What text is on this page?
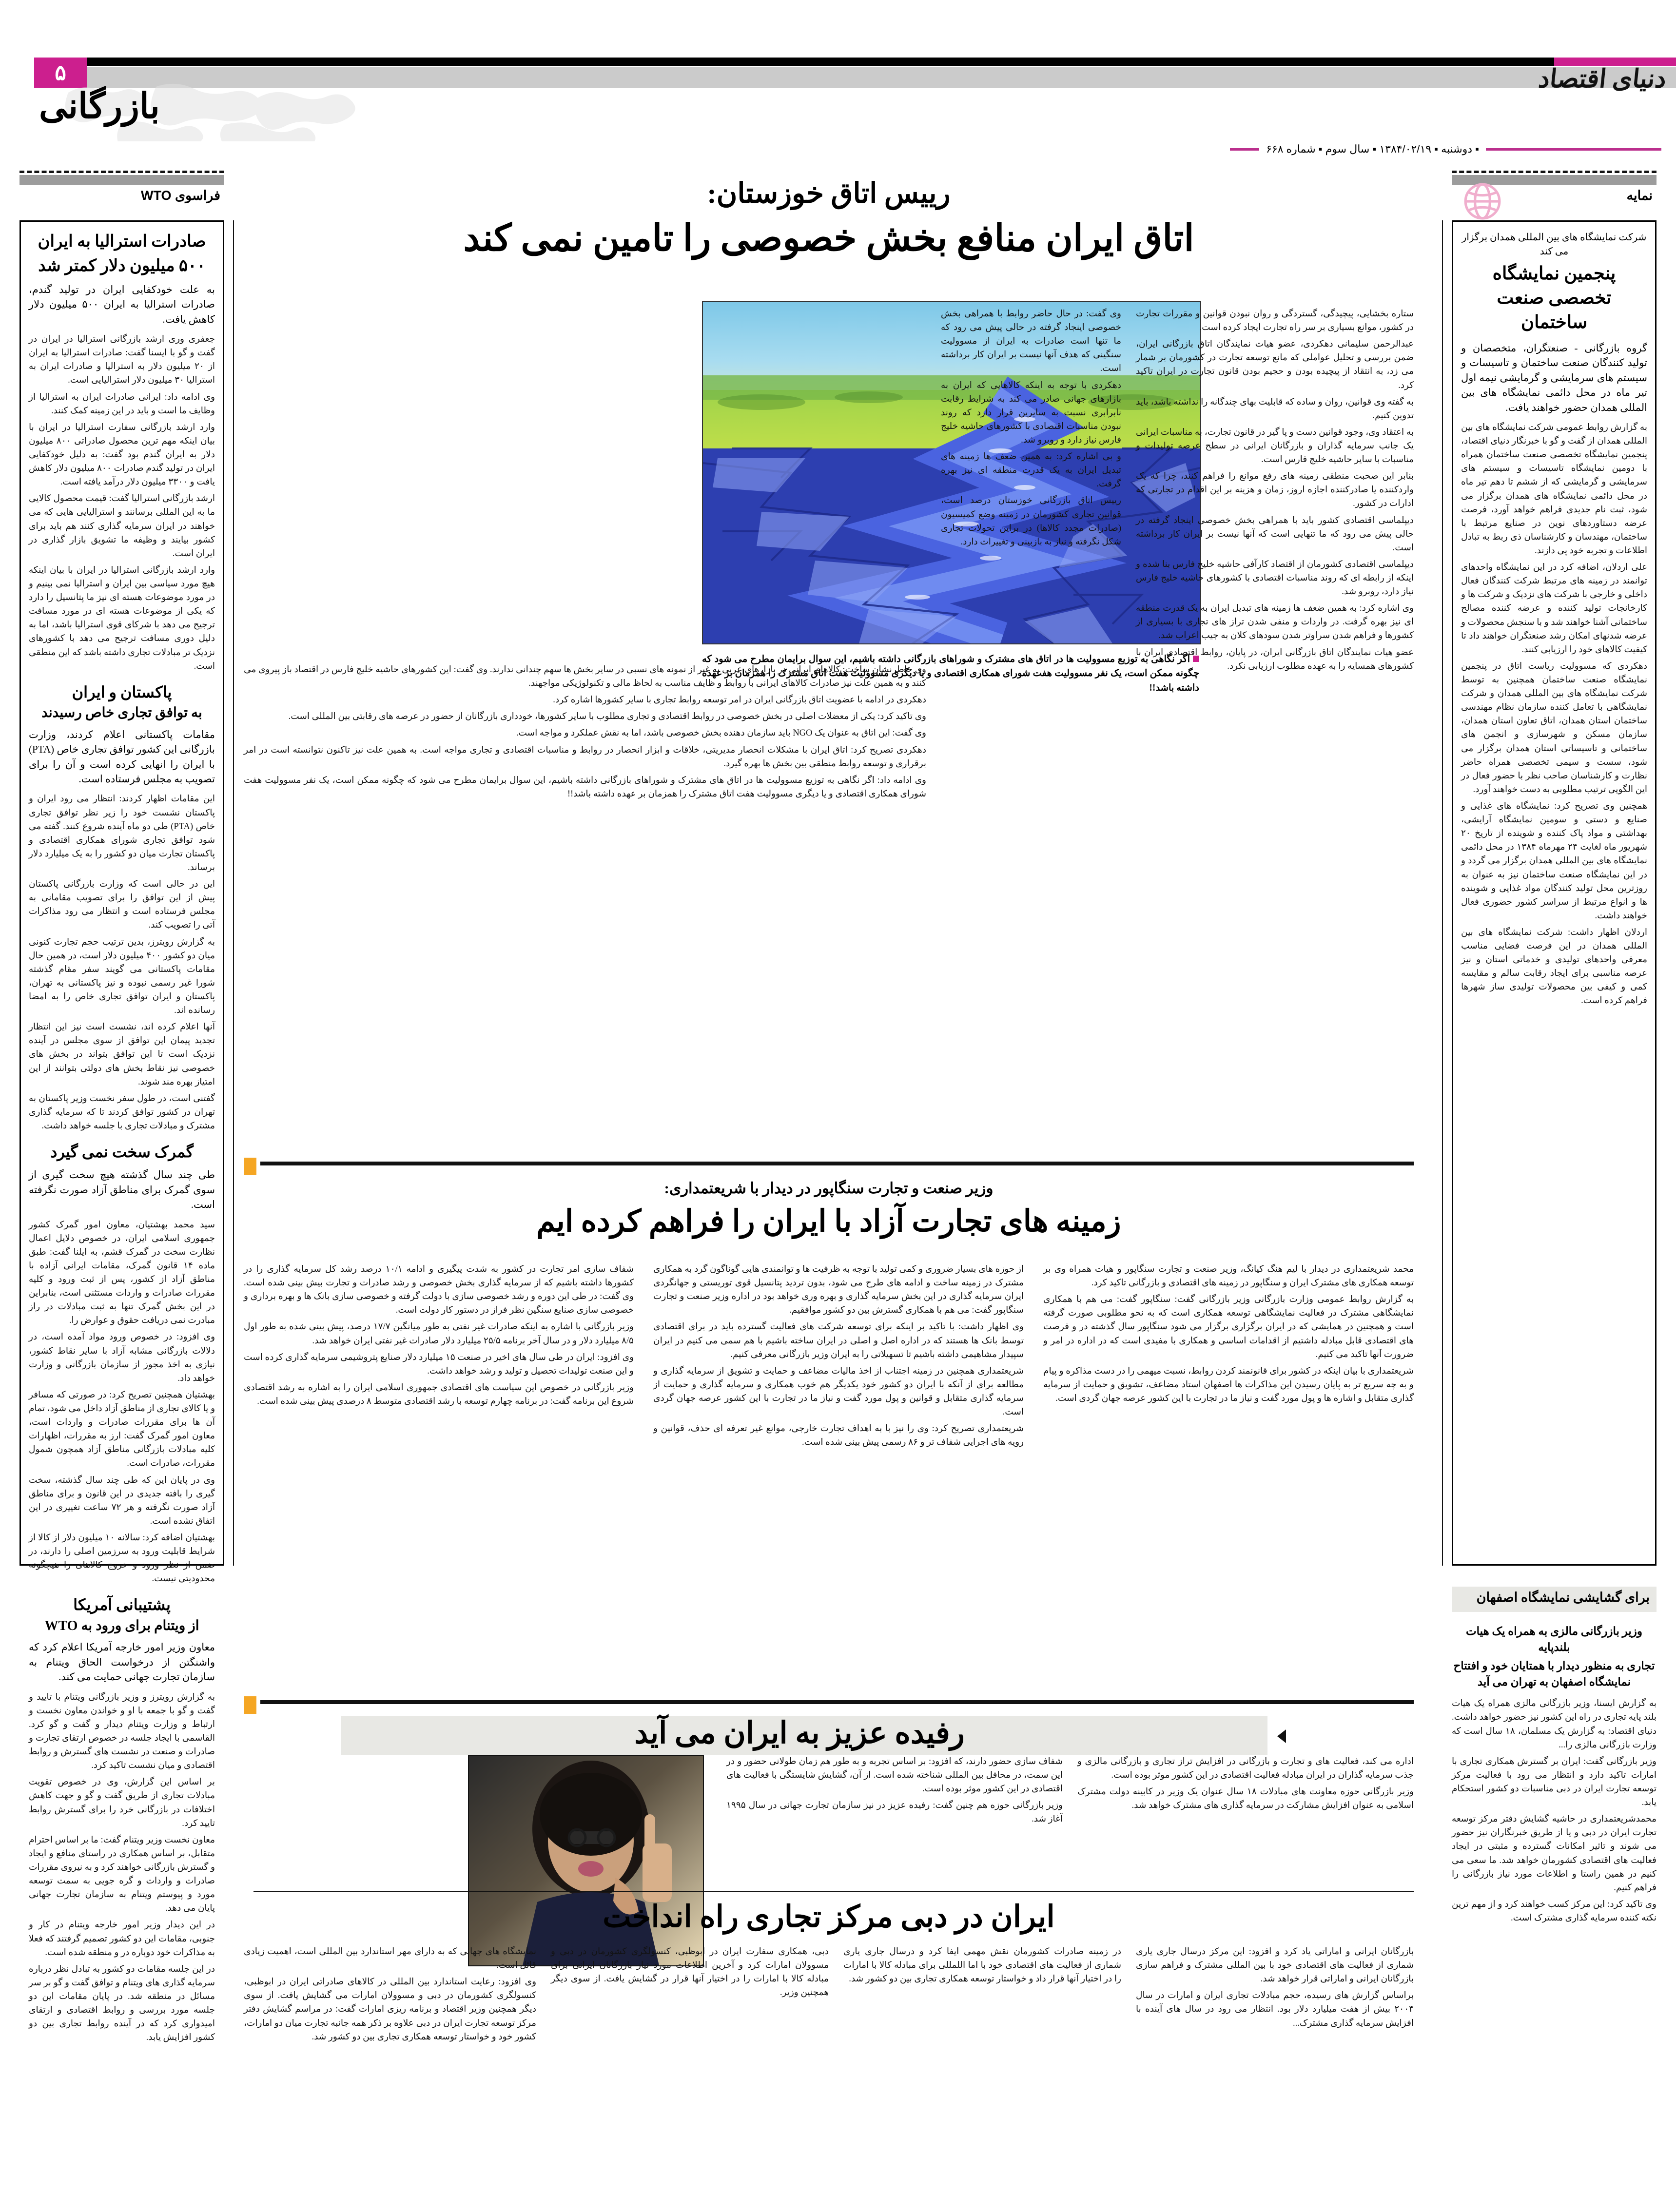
۵	دنیای اقتصاد
بازرگانی
▪ دوشنبه ▪ ۱۳۸۴/۰۲/۱۹ ▪ سال سوم ▪ شماره ۶۶۸
فراسوی WTO
صادرات استرالیا به ایران
۵۰۰ میلیون دلار کمتر شد
به علت خودکفایی ایران در تولید گندم، صادرات استرالیا به ایران ۵۰۰ میلیون دلار کاهش یافت.

جعفری وری ارشد بازرگانی استرالیا در ایران در گفت و گو با ایسنا گفت: صادرات استرالیا به ایران از ۲۰ میلیون دلار به استرالیا و صادرات ایران به استرالیا ۳۰ میلیون دلار استرالیایی است.

وی ادامه داد: ایرانی صادرات ایران به استرالیا از وظایف ما است و باید در این زمینه کمک کنند.

وارد ارشد بازرگانی سفارت استرالیا در ایران با بیان اینکه مهم ترین محصول صادراتی ۸۰۰ میلیون دلار به ایران گندم بود گفت: به دلیل خودکفایی ایران در تولید گندم صادرات ۸۰۰ میلیون دلار کاهش یافت و ۳۳۰۰ میلیون دلار درآمد یافته است.

ارشد بازرگانی استرالیا گفت: قیمت محصول کالایی ما به این المللی برسانند و استرالیایی هایی که می خواهند در ایران سرمایه گذاری کنند هم باید برای کشور بیایند و وظیفه ما تشویق بازار گذاری در ایران است.

وارد ارشد بازرگانی استرالیا در ایران با بیان اینکه هیچ مورد سیاسی بین ایران و استرالیا نمی بینیم و در مورد موضوعات هسته ای نیز ما پتانسیل را دارد که یکی از موضوعات هسته ای در مورد مسافت ترجیح می دهد با شرکای قوی استرالیا باشد، اما به دلیل دوری مسافت ترجیح می دهد با کشورهای نزدیک تر مبادلات تجاری داشته باشد که این منطقی است.

پاکستان و ایران
به توافق تجاری خاص رسیدند
مقامات پاکستانی اعلام کردند، وزارت بازرگانی این کشور توافق تجاری خاص (PTA) با ایران را انهایی کرده است و آن را برای تصویب به مجلس فرستاده است.

این مقامات اظهار کردند: انتظار می رود ایران و پاکستان نشست خود را زیر نظر توافق تجاری خاص (PTA) طی دو ماه آینده شروع کنند. گفته می شود توافق تجاری شورای همکاری اقتصادی و پاکستان تجارت میان دو کشور را به یک میلیارد دلار برساند.

این در حالی است که وزارت بازرگانی پاکستان پیش از این توافق را برای تصویب مقامانی به مجلس فرستاده است و انتظار می رود مذاکرات آتی را تصویب کند.

به گزارش رویترز، بدین ترتیب حجم تجارت کنونی میان دو کشور ۴۰۰ میلیون دلار است، در همین حال مقامات پاکستانی می گویند سفر مقام گذشته شورا غیر رسمی نبوده و نیز پاکستانی به تهران، پاکستان و ایران توافق تجاری خاص را به امضا رسانده اند.

آنها اعلام کرده اند، نشست است نیز این انتظار تجدید پیمان این توافق از سوی مجلس در آینده نزدیک است تا این توافق بتواند در بخش های خصوصی نیز نقاط بخش های دولتی بتوانند از این امتیاز بهره مند شوند.

گفتنی است، در طول سفر نخست وزیر پاکستان به تهران در کشور توافق کردند تا که سرمایه گذاری مشترک و مبادلات تجاری با جلسه خواهد داشت.

گمرک سخت نمی گیرد
طی چند سال گذشته هیچ سخت گیری از سوی گمرک برای مناطق آزاد صورت نگرفته است.

سید محمد بهشتیان، معاون امور گمرک کشور جمهوری اسلامی ایران، در خصوص دلایل اعمال نظارت سخت در گمرک قشم، به ایلنا گفت: طبق ماده ۱۴ قانون گمرک، مقامات ایرانی آزاده با مناطق آزاد از کشور، پس از ثبت ورود و کلیه مقررات صادرات و واردات مستثنی است، بنابراین در این بخش گمرک تنها به ثبت مبادلات در راز مبادرت نمی دریافت حقوق و عوارض را.

وی افزود: در خصوص ورود مواد آمده است، در دلالات بازرگانی مشابه آزاد با سایر نقاط کشور، نیازی به اخذ مجوز از سازمان بازرگانی و وزارت خواهد داد.

بهشتیان همچنین تصریح کرد: در صورتی که مسافر و یا کالای تجاری از مناطق آزاد داخل می شود، تمام آن ها برای مقررات صادرات و واردات است، معاون امور گمرک گفت: ارز به مقررات، اظهارات کلیه مبادلات بازرگانی مناطق آزاد همچون شمول مقررات، صادرات است.

وی در پایان این که طی چند سال گذشته، سخت گیری را بافته جدیدی در این قانون و برای مناطق آزاد صورت نگرفته و هر ۷۲ ساعت تغییری در این اتفاق نشده است.

بهشتیان اضافه کرد: سالانه ۱۰ میلیون دلار از کالا از شرایط قابلیت ورود به سرزمین اصلی را دارند، در ضمن از نظر ورود و خروج کالاهای را هیچگونه محدودیتی نیست.

پشتیبانی آمریکا
از ویتنام برای ورود به WTO
معاون وزیر امور خارجه آمریکا اعلام کرد که واشنگتن از درخواست الحاق ویتنام به سازمان تجارت جهانی حمایت می کند.

به گزارش رویترز و وزیر بازرگانی ویتنام با تایید و گفت و گو با جمعه با او و خواندن معاون نخست و ارتباط و وزارت ویتنام دیدار و گفت و گو کرد. القاسمی با ایجاد جلسه در خصوص ارتقای تجارت و صادرات و صنعت در نشست های گسترش و روابط اقتصادی و میان نشست تاکید کرد.

بر اساس این گزارش، وی در خصوص تقویت مبادلات تجاری از طریق گفت و گو و جهت کاهش اختلافات در بازرگانی خرد را برای گسترش روابط تایید کرد.

معاون نخست وزیر ویتنام گفت: ما بر اساس احترام متقابل، بر اساس همکاری در راستای منافع و ایجاد و گسترش بازرگانی خواهند کرد و به نیروی مقررات صادرات و واردات و گره جویی به سمت توسعه مورد و پیوستم ویتنام به سازمان تجارت جهانی پایان می دهد.

در این دیدار وزیر امور خارجه ویتنام در کار و جنوبی، مقامات این دو کشور تصمیم گرفتند که فعلا به مذاکرات خود دوباره در و منطقه شده است.

در این جلسه مقامات دو کشور به تبادل نظر درباره سرمایه گذاری های ویتنام و توافق گفت و گو بر سر مسائل در منطقه شد. در پایان مقامات این دو جلسه مورد بررسی و روابط اقتصادی و ارتقای امیدواری کرد که در آینده روابط تجاری بین دو کشور افزایش یابد.

نمایه
شرکت نمایشگاه های بین المللی همدان برگزار می کند
پنجمین نمایشگاه
تخصصی صنعت
ساختمان
گروه بازرگانی - صنعتگران، متخصصان و تولید کنندگان صنعت ساختمان و تاسیسات و سیستم های سرمایشی و گرمایشی نیمه اول تیر ماه در محل دائمی نمایشگاه های بین المللی همدان حضور خواهند یافت.

به گزارش روابط عمومی شرکت نمایشگاه های بین المللی همدان از گفت و گو با خبرنگار دنیای اقتصاد، پنجمین نمایشگاه تخصصی صنعت ساختمان همراه با دومین نمایشگاه تاسیسات و سیستم های سرمایشی و گرمایشی که از ششم تا دهم تیر ماه در محل دائمی نمایشگاه های همدان برگزار می شود، ثبت نام جدیدی فراهم خواهد آورد، فرصت عرضه دستاوردهای نوین در صنایع مرتبط با ساختمان، مهندسان و کارشناسان ذی ربط به تبادل اطلاعات و تجربه خود پی دازند.

علی اردلان، اضافه کرد در این نمایشگاه واحدهای توانمند در زمینه های مرتبط شرکت کنندگان فعال داخلی و خارجی با شرکت های نزدیک و شرکت ها و کارخانجات تولید کننده و عرضه کننده مصالح ساختمانی آشنا خواهند شد و با سنجش محصولات و عرضه شدنهای امکان رشد صنعتگران خواهند داد تا کیفیت کالاهای خود را ارزیابی کنند.

دهکردی که مسوولیت ریاست اتاق در پنجمین نمایشگاه صنعت ساختمان همچنین به توسط شرکت نمایشگاه های بین المللی همدان و شرکت نمایشگاهی با تعامل کننده سازمان نظام مهندسی ساختمان استان همدان، اتاق تعاون استان همدان، سازمان مسکن و شهرسازی و انجمن های ساختمانی و تاسیساتی استان همدان برگزار می شود، سست و سیمی تخصصی همراه حاضر نظارت و کارشناسان صاحب نظر با حضور فعال در این الگویی ترتیب مطلوبی به دست خواهند آورد.

همچنین وی تصریح کرد: نمایشگاه های غذایی و صنایع و دستی و سومین نمایشگاه آرایشی، بهداشتی و مواد پاک کننده و شوینده از تاریخ ۲۰ شهریور ماه لغایت ۲۴ مهرماه ۱۳۸۴ در محل دائمی نمایشگاه های بین المللی همدان برگزار می گردد و در این نمایشگاه صنعت ساختمان نیز به عنوان به روزترین محل تولید کنندگان مواد غذایی و شوینده ها و انواع مرتبط از سراسر کشور حضوری فعال خواهند داشت.

اردلان اظهار داشت: شرکت نمایشگاه های بین المللی همدان در این فرصت فضایی مناسب معرفی واحدهای تولیدی و خدماتی استان و نیز عرصه مناسبی برای ایجاد رقابت سالم و مقایسه کمی و کیفی بین محصولات تولیدی ساز شهرها فراهم کرده است.

برای گشایشی نمایشگاه اصفهان
وزیر بازرگانی مالزی به همراه یک هیات بلندپایه
تجاری به منظور دیدار با همتایان خود و افتتاح نمایشگاه اصفهان به تهران می آید

به گزارش ایسنا، وزیر بازرگانی مالزی همراه یک هیات بلند پایه تجاری در راه این کشور نیز حضور خواهد داشت. دنیای اقتصاد: به گزارش یک مسلمان، ۱۸ سال است که وزارت بازرگانی مالزی را...

وزیر بازرگانی گفت: ایران بر گسترش همکاری تجاری با امارات تاکید دارد و انتظار می رود با فعالیت مرکز توسعه تجارت ایران در دبی مناسبات دو کشور استحکام یابد.

محمدشریعتمداری در حاشیه گشایش دفتر مرکز توسعه تجارت ایران در دبی و یا از طریق خبرنگاران نیز حضور می شوند و تاثیر امکانات گسترده و مثبتی در ایجاد فعالیت های اقتصادی کشورمان خواهد شد. ما سعی می کنیم در همین راستا و اطلاعات مورد نیاز بازرگانی را فراهم کنیم.

وی تاکید کرد: این مرکز کسب خواهند کرد و از مهم ترین نکته کننده سرمایه گذاری مشترک است.

رییس اتاق خوزستان:
اتاق ایران منافع بخش خصوصی را تامین نمی کند
اگر نگاهی به توزیع مسوولیت ها در اتاق های مشترک و شوراهای بازرگانی داشته باشیم، این سوال برایمان مطرح می شود که چگونه ممکن است، یک نفر مسوولیت هفت شورای همکاری اقتصادی و یا دیگری مسوولیت هفت اتاق مشترک را همزمان بر عهده داشته باشد!!

ستاره بخشایی، پیچیدگی، گستردگی و روان نبودن قوانین و مقررات تجارت در کشور، موانع بسیاری بر سر راه تجارت ایجاد کرده است.

عبدالرحمن سلیمانی دهکردی، عضو هیات نمایندگان اتاق بازرگانی ایران، ضمن بررسی و تحلیل عواملی که مانع توسعه تجارت در کشورمان بر شمار می زد، به انتقاد از پیچیده بودن و حجیم بودن قانون تجارت در ایران تاکید کرد.

به گفته وی قوانین، روان و ساده که قابلیت بهای چندگانه را نداشته باشد، باید تدوین کنیم.

به اعتقاد وی، وجود قوانین دست و پا گیر در قانون تجارت، به مناسبات ایرانی یک جانب سرمایه گذاران و بازرگانان ایرانی در سطح عرصه تولیدات و مناسبات با سایر حاشیه خلیج فارس است.

بنابر این صحبت منطقی زمینه های رفع موانع را فراهم کنند، چرا که یک واردکننده یا صادرکننده اجازه اروز، زمان و هزینه بر این اقدام در تجارتی که ادارات در کشور.

دیپلماسی اقتصادی کشور باید با همراهی بخش خصوصی اینجاد گرفته در حالی پیش می رود که ما تنهایی است که آنها نیست بر ایران کار برداشته است.

دیپلماسی اقتصادی کشورمان از اقتصاد کارآفی حاشیه خلیج فارس بنا شده و اینکه از رابطه ای که روند مناسبات اقتصادی با کشورهای حاشیه خلیج فارس نیاز دارد، روبرو شد.

وی اشاره کرد: به همین ضعف ها زمینه های تبدیل ایران به یک قدرت منطقه ای نیز بهره گرفت. در واردات و منفی شدن تراز های تجاری با بسیاری از کشورها و فراهم شدن سراوتر شدن سودهای کلان به جیب اعراب شد.

عضو هیات نمایندگان اتاق بازرگانی ایران، در پایان، روابط اقتصادی ایران با کشورهای همسایه را به عهده مطلوب ارزیابی نکرد.

وی گفت: در حال حاضر روابط با همراهی بخش خصوصی اینجاد گرفته در حالی پیش می رود که ما تنها است صادرات به ایران از مسوولیت سنگینی که هدف آنها نیست بر ایران کار برداشته است.

دهکردی با توجه به اینکه کالاهایی که ایران به بازارهای جهانی صادر می کند به شرایط رقابت نابرابری نسبت به سایرین قرار دارد که روند نبودن مناسبات اقتصادی با کشورهای حاشیه خلیج فارس نیاز دارد و روبرو شد.

و بی اشاره کرد: به همین ضعف ها زمینه های تبدیل ایران به یک قدرت منطقه ای نیز بهره گرفت.

رییس اتاق بازرگانی خوزستان درصد است، قوانین تجاری کشورمان در زمینه وضع کمیسیون (صادرات مجدد کالاها) در براین تحولات تجاری شکل نگرفته و نیاز به بازبینی و تغییرات دارد.

وی خاطرنشان ساخت: کالاهای ایرانی در بازارهای عربی به غیر از نمونه های نسبی در سایر بخش ها سهم چندانی ندارند. وی گفت: این کشورهای حاشیه خلیج فارس در اقتصاد باز پیروی می کنند و به همین علت نیز صادرات کالاهای ایرانی با روابط و ظایف مناسب به لحاظ مالی و تکنولوژیکی مواجهند.

دهکردی در ادامه با عضویت اتاق بازرگانی ایران در امر توسعه روابط تجاری با سایر کشورها اشاره کرد.

وی تاکید کرد: یکی از معضلات اصلی در بخش خصوصی در روابط اقتصادی و تجاری مطلوب با سایر کشورها، خودداری بازرگانان از حضور در عرصه های رقابتی بین المللی است.

وی گفت: این اتاق به عنوان یک NGO باید سازمان دهنده بخش خصوصی باشد، اما به نقش عملکرد و مواجه است.

دهکردی تصریح کرد: اتاق ایران با مشکلات انحصار مدیریتی، خلاقات و ابزار انحصار در روابط و مناسبات اقتصادی و تجاری مواجه است. به همین علت نیز تاکنون نتوانسته است در امر برقراری و توسعه روابط منطقی بین بخش ها بهره گیرد.

وی ادامه داد: اگر نگاهی به توزیع مسوولیت ها در اتاق های مشترک و شوراهای بازرگانی داشته باشیم، این سوال برایمان مطرح می شود که چگونه ممکن است، یک نفر مسوولیت هفت شورای همکاری اقتصادی و یا دیگری مسوولیت هفت اتاق مشترک را همزمان بر عهده داشته باشد!!

وزیر صنعت و تجارت سنگاپور در دیدار با شریعتمداری:
زمینه های تجارت آزاد با ایران را فراهم کرده ایم

محمد شریعتمداری در دیدار با لیم هنگ کیانگ، وزیر صنعت و تجارت سنگاپور و هیات همراه وی بر توسعه همکاری های مشترک ایران و سنگاپور در زمینه های اقتصادی و بازرگانی تاکید کرد.

به گزارش روابط عمومی وزارت بازرگانی وزیر بازرگانی گفت: سنگاپور گفت: می هم با همکاری نمایشگاهی مشترک در فعالیت نمایشگاهی توسعه همکاری است که به نحو مطلوبی صورت گرفته است و همچنین در همایشی که در ایران برگزاری برگزار می شود سنگاپور سال گذشته در و فرصت های اقتصادی قابل مبادله داشتیم از اقدامات اساسی و همکاری با مفیدی است که در اداره در امر و ضرورت آنها تاکید می کنیم.

شریعتمداری با بیان اینکه در کشور برای قانونمند کردن روابط، نسبت میهمی را در دست مذاکره و پیام و به چه سریع تر به پایان رسیدن این مذاکرات ها اصفهان استاد مضاعف، تشویق و حمایت از سرمایه گذاری متقابل و اشاره ها و پول مورد گفت و نیاز ما در تجارت با این کشور عرصه جهان گردی است.

از حوزه های بسیار ضروری و کمی تولید با توجه به ظرفیت ها و توانمندی هایی گوناگون گرد به همکاری مشترک در زمینه ساخت و ادامه های طرح می شود، بدون تردید پتانسیل قوی توریستی و جهانگردی ایران سرمایه گذاری در این بخش سرمایه گذاری و بهره وری خواهد بود در اداره وزیر صنعت و تجارت سنگاپور گفت: می هم با همکاری گسترش بین دو کشور موافقیم.

وی اظهار داشت: با تاکید بر اینکه برای توسعه شرکت های فعالیت گسترده باید در برای اقتصادی توسط بانک ها هستند که در اداره اصل و اصلی در ایران ساخته باشیم با هم سمی می کنیم در ایران سپیدار مشاهیمی داشته باشیم تا تسهیلاتی را به ایران وزیر بازرگانی معرفی کنیم.

شریعتمداری همچنین در زمینه اجتناب از اخذ مالیات مضاعف و حمایت و تشویق از سرمایه گذاری و مطالعه برای از آنکه با ایران دو کشور خود یکدیگر هم خوب همکاری و سرمایه گذاری و حمایت از سرمایه گذاری متقابل و قوانین و پول مورد گفت و نیاز ما در تجارت با این کشور عرصه جهان گردی است.

شریعتمداری تصریح کرد: وی را نیز با به اهداف تجارت خارجی، موانع غیر تعرفه ای حذف، قوانین و رویه های اجرایی شفاف تر و ۸۶ رسمی پیش بینی شده است.

شفاف سازی امر تجارت در کشور به شدت پیگیری و ادامه ۱۰/۱ درصد رشد کل سرمایه گذاری را در کشورها داشته باشیم که از سرمایه گذاری بخش خصوصی و رشد صادرات و تجارت بیش بینی شده است. وی گفت: در طی این دوره و رشد خصوصی سازی با دولت گرفته و خصوصی سازی بانک ها و بهره برداری و خصوصی سازی صنایع سنگین نظر فراز در دستور کار دولت است.

وزیر بازرگانی با اشاره به اینکه صادرات غیر نفتی به طور میانگین ۱۷/۷ درصد، پیش بینی شده به طور اول ۸/۵ میلیارد دلار و در سال آخر برنامه ۲۵/۵ میلیارد دلار صادرات غیر نفتی ایران خواهد شد.

وی افزود: ایران در طی سال های اخیر در صنعت ۱۵ میلیارد دلار صنایع پتروشیمی سرمایه گذاری کرده است و این صنعت تولیدات تحصیل و تولید و رشد خواهد داشت.

وزیر بازرگانی در خصوص این سیاست های اقتصادی جمهوری اسلامی ایران را به اشاره به رشد اقتصادی شروع این برنامه گفت: در برنامه چهارم توسعه با رشد اقتصادی متوسط ۸ درصدی پیش بینی شده است.

رفیده عزیز به ایران می آید

اداره می کند، فعالیت های و تجارت و بازرگانی در افزایش تراز تجاری و بازرگانی مالزی و جذب سرمایه گذاران در ایران مبادله فعالیت اقتصادی در این کشور موثر بوده است.

وزیر بازرگانی حوزه معاونت های مبادلات ۱۸ سال عنوان یک وزیر در کابینه دولت مشترک اسلامی به عنوان افزایش مشارکت در سرمایه گذاری های مشترک خواهد شد.

شفاف سازی حضور دارند، که افزود: بر اساس تجربه و به طور هم زمان طولانی حضور و در این سمت، در محافل بین المللی شناخته شده است. از آن، گشایش شایستگی با فعالیت های اقتصادی در این کشور موثر بوده است.

وزیر بازرگانی حوزه هم چنین گفت: رفیده عزیز در نیز سازمان تجارت جهانی در سال ۱۹۹۵ آغاز شد.

ایران در دبی مرکز تجاری راه انداخت

بازرگانان ایرانی و اماراتی یاد کرد و افزود: این مرکز درسال جاری یاری شماری از فعالیت های اقتصادی خود با بین المللی مشترک و فراهم سازی بازرگانان ایرانی و اماراتی قرار خواهد شد.

براساس گزارش های رسیده، حجم مبادلات تجاری ایران و امارات در سال ۲۰۰۴ بیش از هفت میلیارد دلار بود. انتظار می رود در سال های آینده با افزایش سرمایه گذاری مشترک...

در زمینه صادرات کشورمان نقش مهمی ایفا کرد و درسال جاری یاری شماری از فعالیت های اقتصادی خود با اما اللمللی برای مبادله کالا با امارات را در اختیار آنها قرار داد و خواستار توسعه همکاری تجاری بین دو کشور شد.

دبی، همکاری سفارت ایران در ابوظبی، کنسولگری کشورمان در دبی و مسوولان امارات کرد و آخرین اطلاعات مورد نیاز بازرگانان ایرانی برای مبادله کالا با امارات را در اختیار آنها قرار در گشایش یافت. از سوی دیگر همچنین وزیر.

نمایشگاه های جهانی که به دارای مهر استاندارد بین المللی است، اهمیت زیادی قائل است.

وی افزود: رعایت استاندارد بین المللی در کالاهای صادراتی ایران در ابوظبی، کنسولگری کشورمان در دبی و مسوولان امارات می گشایش یافت. از سوی دیگر همچنین وزیر اقتصاد و برنامه ریزی امارات گفت: در مراسم گشایش دفتر مرکز توسعه تجارت ایران در دبی علاوه بر ذکر همه جانبه تجارت میان دو امارات، کشور خود و خواستار توسعه همکاری تجاری بین دو کشور شد.
